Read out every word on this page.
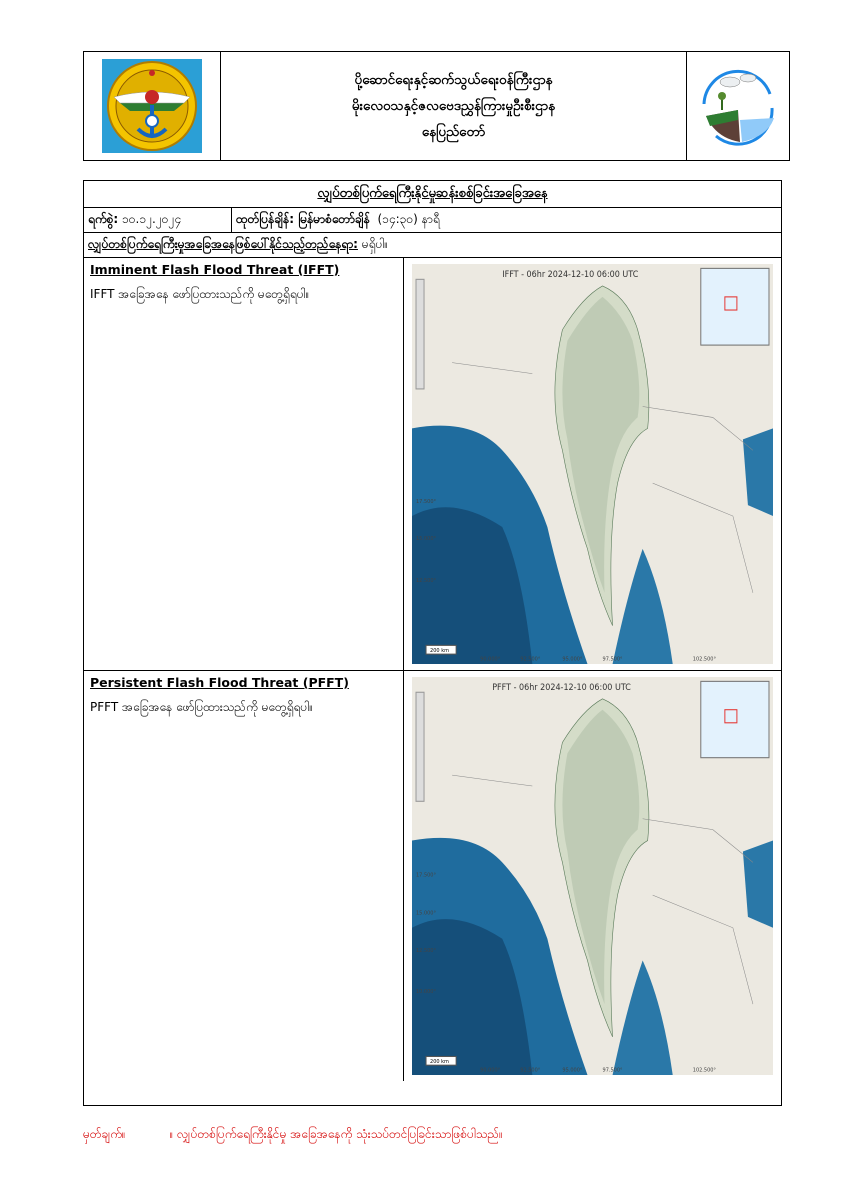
ပို့ဆောင်ရေးနှင့်ဆက်သွယ်ရေးဝန်ကြီးဌာန
မိုးလေဝသနှင့်ဇလဗေဒညွှန်ကြားမှုဦးစီးဌာန
နေပြည်တော်
လျှပ်တစ်ပြက်ရေကြီးနိုင်မှုဆန်းစစ်ခြင်းအခြေအနေ
ရက်စွဲ:
၁၀.၁၂.၂၀၂၄	ထုတ်ပြန်ချိန်: မြန်မာစံတော်ချိန် (၁၄:၃၀) နာရီ
လျှပ်တစ်ပြက်ရေကြီးမှုအခြေအနေဖြစ်ပေါ်နိုင်သည့်တည်နေရာ:
မရှိပါ။
Imminent Flash Flood Threat (IFFT)

IFFT အခြေအနေ ဖော်ပြထားသည်ကို မတွေ့ရှိရပါ။

IFFT - 06hr 2024-12-10 06:00 UTC
17.500°
15.000°
12.500°
90.000°	92.500°	95.000°	97.500°	102.500°
200 km
Persistent Flash Flood Threat (PFFT)

PFFT အခြေအနေ ဖော်ပြထားသည်ကို မတွေ့ရှိရပါ။

PFFT - 06hr 2024-12-10 06:00 UTC
17.500°
15.000°
12.500°
10.000°
90.000°	92.500°	95.000°	97.500°	102.500°
200 km
မှတ်ချက်။	။ လျှပ်တစ်ပြက်ရေကြီးနိုင်မှု အခြေအနေကို သုံးသပ်တင်ပြခြင်းသာဖြစ်ပါသည်။
